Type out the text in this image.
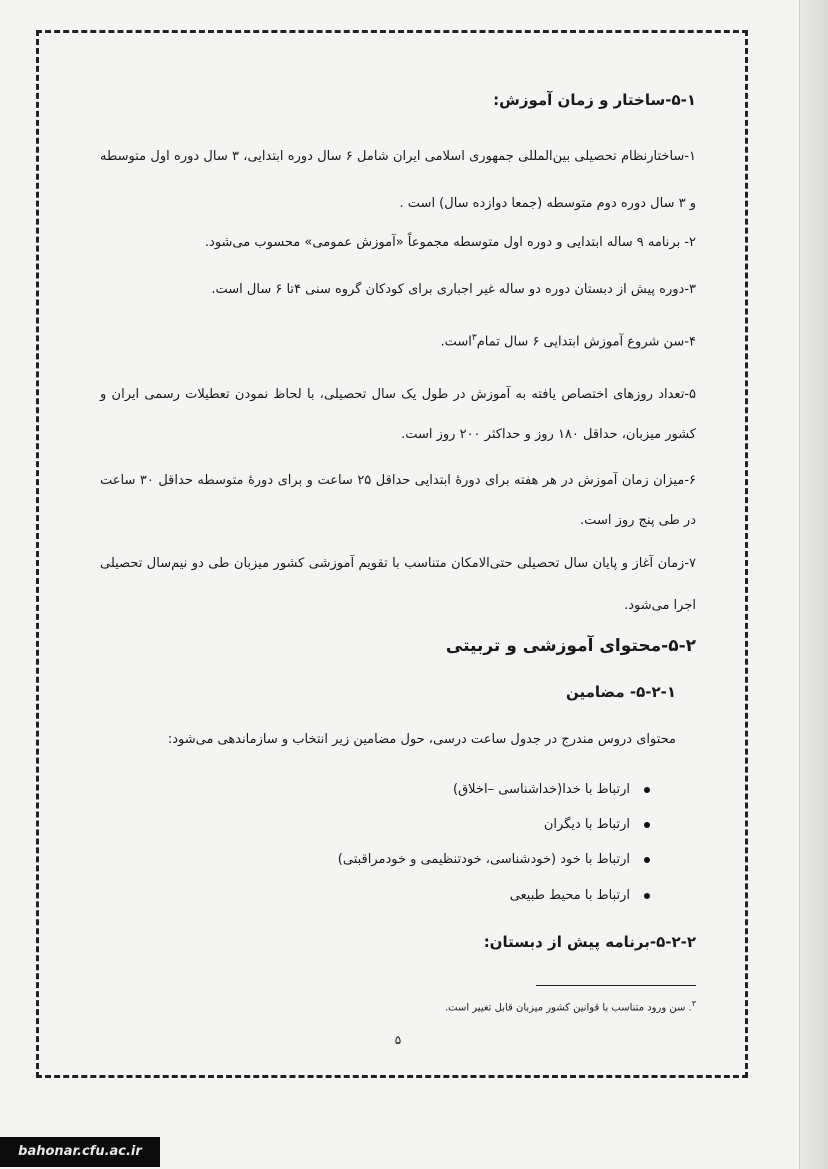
۵-۱-ساختار و زمان آموزش:

۱-ساختارنظام تحصیلی بین‌المللی جمهوری اسلامی ایران شامل ۶ سال دوره ابتدایی، ۳ سال دوره اول متوسطه و ۳ سال دوره دوم متوسطه (جمعا دوازده سال) است .

۲- برنامه ۹ ساله ابتدایی و دوره اول متوسطه مجموعاً «آموزش عمومی» محسوب می‌شود.

۳-دوره پیش از دبستان دوره دو ساله غیر اجباری برای کودکان گروه سنی ۴تا ۶ سال است.

۴-سن شروع آموزش ابتدایی ۶ سال تمام$^۳$است.

۵-تعداد روزهای اختصاص یافته به آموزش در طول یک سال تحصیلی، با لحاظ نمودن تعطیلات رسمی ایران و کشور میزبان، حداقل ۱۸۰ روز و حداکثر ۲۰۰ روز است.

۶-میزان زمان آموزش در هر هفته برای دورهٔ ابتدایی حداقل ۲۵ ساعت و برای دورهٔ متوسطه حداقل ۳۰ ساعت در طی پنج روز است.

۷-زمان آغاز و پایان سال تحصیلی حتی‌الامکان متناسب با تقویم آموزشی کشور میزبان طی دو نیم‌سال تحصیلی اجرا می‌شود.

۵-۲-محتوای آموزشی و تربیتی
۵-۲-۱- مضامین

محتوای دروس مندرج در جدول ساعت درسی، حول مضامین زیر انتخاب و سازماندهی می‌شود:

ارتباط با خدا(خداشناسی –اخلاق)
ارتباط با دیگران
ارتباط با خود (خودشناسی، خودتنظیمی و خودمراقبتی)
ارتباط با محیط طبیعی
۵-۲-۲-برنامه پیش از دبستان:
$^۳$. سن ورود متناسب با قوانین کشور میزبان قابل تغییر است.
۵
bahonar.cfu.ac.ir
